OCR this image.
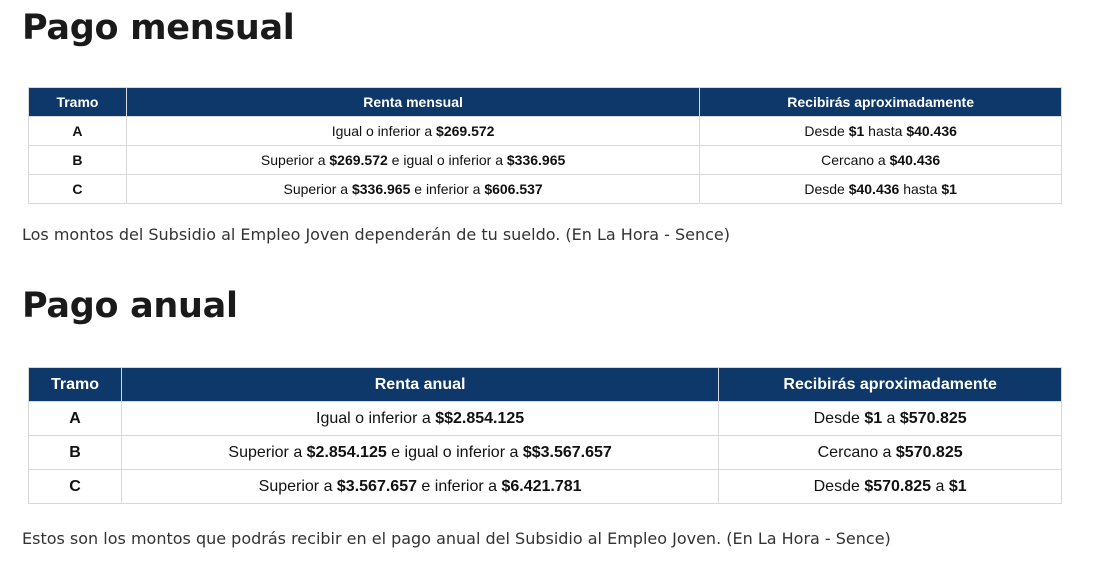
Pago mensual
Tramo	Renta mensual	Recibirás aproximadamente
A	Igual o inferior a $269.572	Desde $1 hasta $40.436
B	Superior a $269.572 e igual o inferior a $336.965	Cercano a $40.436
C	Superior a $336.965 e inferior a $606.537	Desde $40.436 hasta $1

Los montos del Subsidio al Empleo Joven dependerán de tu sueldo. (En La Hora - Sence)

Pago anual
Tramo	Renta anual	Recibirás aproximadamente
A	Igual o inferior a $$2.854.125	Desde $1 a $570.825
B	Superior a $2.854.125 e igual o inferior a $$3.567.657	Cercano a $570.825
C	Superior a $3.567.657 e inferior a $6.421.781	Desde $570.825 a $1

Estos son los montos que podrás recibir en el pago anual del Subsidio al Empleo Joven. (En La Hora - Sence)
